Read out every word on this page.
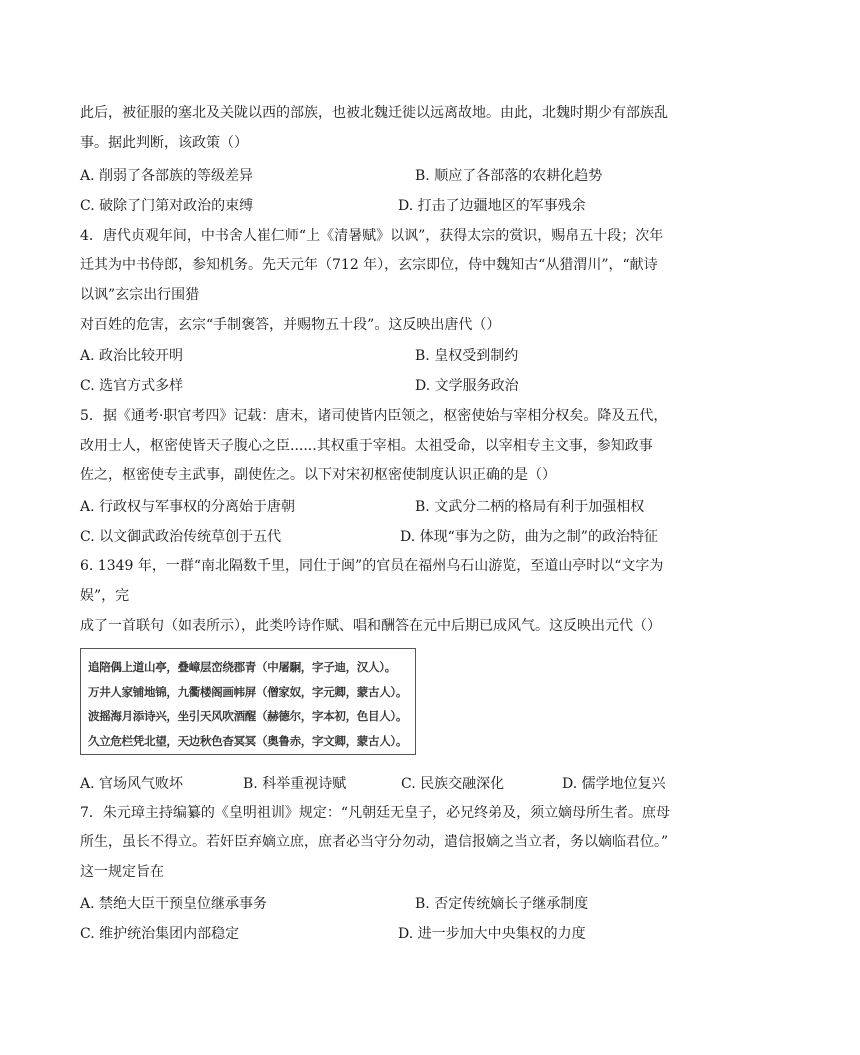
此后，被征服的塞北及关陇以西的部族，也被北魏迁徙以远离故地。由此，北魏时期少有部族乱
事。据此判断，该政策（）
A. 削弱了各部族的等级差异	B. 顺应了各部落的农耕化趋势
C. 破除了门第对政治的束缚	D. 打击了边疆地区的军事残余
4．唐代贞观年间，中书舍人崔仁师“上《清暑赋》以讽”，获得太宗的赏识，赐帛五十段；次年
迁其为中书侍郎，参知机务。先天元年（712 年），玄宗即位，侍中魏知古“从猎渭川”，“献诗
以讽”玄宗出行围猎
对百姓的危害，玄宗“手制褒答，并赐物五十段”。这反映出唐代（）
A. 政治比较开明	B. 皇权受到制约
C. 选官方式多样	D. 文学服务政治
5．据《通考·职官考四》记载：唐末，诸司使皆内臣领之，枢密使始与宰相分权矣。降及五代，
改用士人，枢密使皆天子腹心之臣......其权重于宰相。太祖受命，以宰相专主文事，参知政事
佐之，枢密使专主武事，副使佐之。以下对宋初枢密使制度认识正确的是（）
A. 行政权与军事权的分离始于唐朝	B. 文武分二柄的格局有利于加强相权
C. 以文御武政治传统草创于五代	D. 体现“事为之防，曲为之制”的政治特征
6. 1349 年，一群“南北隔数千里，同仕于闽”的官员在福州乌石山游览，至道山亭时以“文字为
娱”，完
成了一首联句（如表所示），此类吟诗作赋、唱和酬答在元中后期已成风气。这反映出元代（）
追陪偶上道山亭，叠嶂层峦绕郡青（中屠駉，字子迪，汉人）。
万井人家铺地锦，九衢楼阁画帏屏（僧家奴，字元卿，蒙古人）。
波摇海月添诗兴，坐引天风吹酒醒（赫德尔，字本初，色目人）。
久立危栏凭北望，天边秋色杳冥冥（奥鲁赤，字文卿，蒙古人）。
A. 官场风气败坏	B. 科举重视诗赋	C. 民族交融深化	D. 儒学地位复兴
7．朱元璋主持编纂的《皇明祖训》规定：“凡朝廷无皇子，必兄终弟及，须立嫡母所生者。庶母
所生，虽长不得立。若奸臣弃嫡立庶，庶者必当守分勿动，遣信报嫡之当立者，务以嫡临君位。”
这一规定旨在
A. 禁绝大臣干预皇位继承事务	B. 否定传统嫡长子继承制度
C. 维护统治集团内部稳定	D. 进一步加大中央集权的力度
